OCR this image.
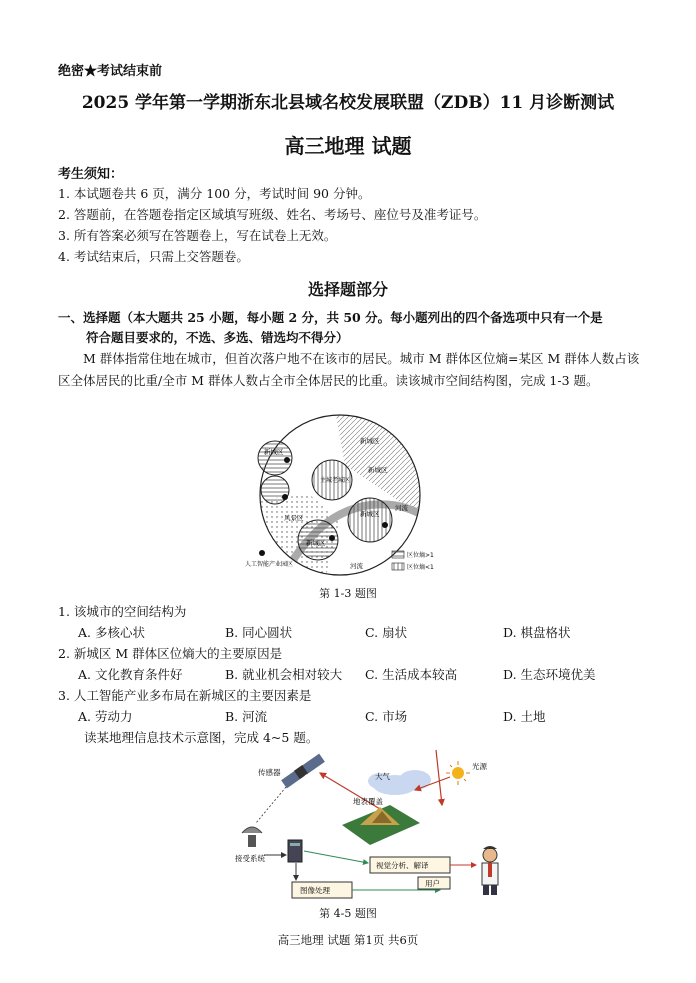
绝密★考试结束前
2025 学年第一学期浙东北县域名校发展联盟（ZDB）11 月诊断测试
高三地理 试题
考生须知：
1. 本试题卷共 6 页，满分 100 分，考试时间 90 分钟。
2. 答题前，在答题卷指定区域填写班级、姓名、考场号、座位号及准考证号。
3. 所有答案必须写在答题卷上，写在试卷上无效。
4. 考试结束后，只需上交答题卷。
选择题部分
一、选择题（本大题共 25 小题，每小题 2 分，共 50 分。每小题列出的四个备选项中只有一个是
符合题目要求的，不选、多选、错选均不得分）
M 群体指常住地在城市，但首次落户地不在该市的居民。城市 M 群体区位熵=某区 M 群体人数占该区全体居民的比重/全市 M 群体人数占全市全体居民的比重。读该城市空间结构图，完成 1-3 题。
新城区
新城区
新城区
新城区
新城区
主城老城区
风景区
河流
河流
人工智能产业园区
区位熵>1
区位熵<1
第 1-3 题图
1. 该城市的空间结构为
A. 多核心状	B. 同心圆状	C. 扇状	D. 棋盘格状
2. 新城区 M 群体区位熵大的主要原因是
A. 文化教育条件好	B. 就业机会相对较大 C. 生活成本较高	D. 生态环境优美
3. 人工智能产业多布局在新城区的主要因素是
A. 劳动力	B. 河流	C. 市场	D. 土地
读某地理信息技术示意图，完成 4~5 题。
传感器	大气
光源
地表覆盖
接受系统
视觉分析、解译
图像处理
用户
第 4-5 题图
高三地理 试题 第1页 共6页
